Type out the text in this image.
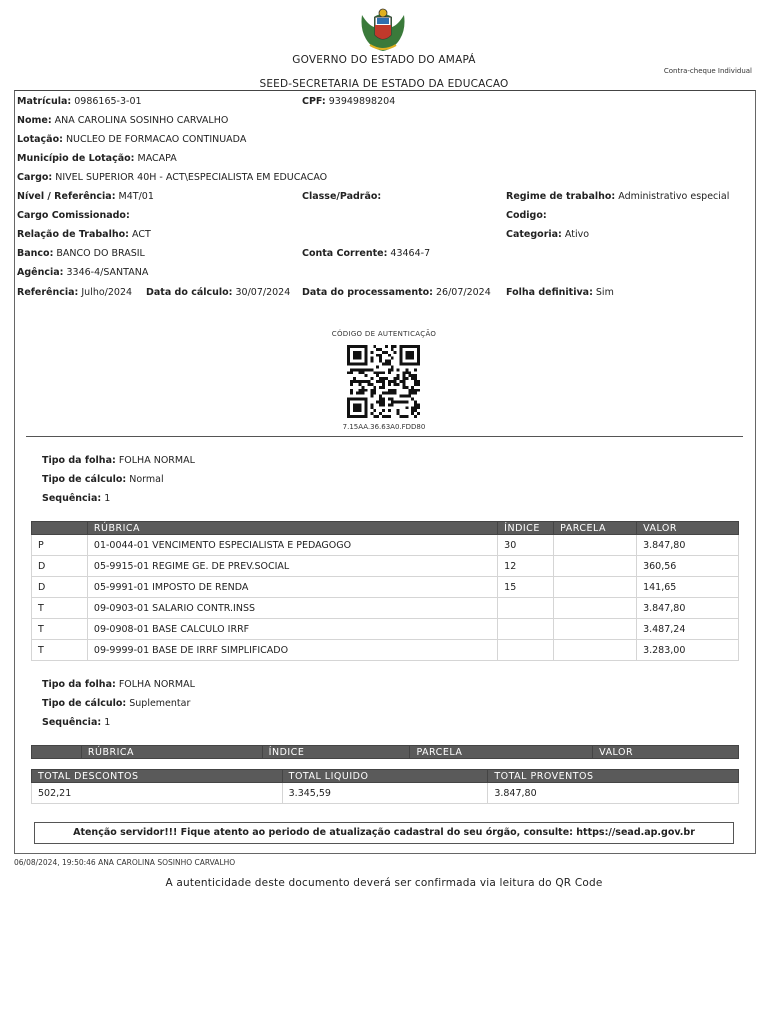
GOVERNO DO ESTADO DO AMAPÁ
Contra-cheque Individual
SEED-SECRETARIA DE ESTADO DA EDUCACAO
Matrícula: 0986165-3-01	CPF: 93949898204
Nome: ANA CAROLINA SOSINHO CARVALHO
Lotação: NUCLEO DE FORMACAO CONTINUADA
Município de Lotação: MACAPA
Cargo: NIVEL SUPERIOR 40H - ACT\ESPECIALISTA EM EDUCACAO
Nível / Referência: M4T/01	Classe/Padrão:	Regime de trabalho: Administrativo especial
Cargo Comissionado:	Codigo:
Relação de Trabalho: ACT	Categoria: Ativo
Banco: BANCO DO BRASIL	Conta Corrente: 43464-7
Agência: 3346-4/SANTANA
Referência: Julho/2024 Data do cálculo: 30/07/2024 Data do processamento: 26/07/2024 Folha definitiva: Sim
CÓDIGO DE AUTENTICAÇÃO
7.15AA.36.63A0.FDD80
Tipo da folha: FOLHA NORMAL
Tipo de cálculo: Normal
Sequência: 1
	RÚBRICA	ÍNDICE	PARCELA	VALOR
P	01-0044-01 VENCIMENTO ESPECIALISTA E PEDAGOGO	30		3.847,80
D	05-9915-01 REGIME GE. DE PREV.SOCIAL	12		360,56
D	05-9991-01 IMPOSTO DE RENDA	15		141,65
T	09-0903-01 SALARIO CONTR.INSS			3.847,80
T	09-0908-01 BASE CALCULO IRRF			3.487,24
T	09-9999-01 BASE DE IRRF SIMPLIFICADO			3.283,00
Tipo da folha: FOLHA NORMAL
Tipo de cálculo: Suplementar
Sequência: 1
	RÚBRICA	ÍNDICE	PARCELA	VALOR
TOTAL DESCONTOS	TOTAL LIQUIDO	TOTAL PROVENTOS
502,21	3.345,59	3.847,80
Atenção servidor!!! Fique atento ao periodo de atualização cadastral do seu órgão, consulte: https://sead.ap.gov.br
06/08/2024, 19:50:46 ANA CAROLINA SOSINHO CARVALHO
A autenticidade deste documento deverá ser confirmada via leitura do QR Code
